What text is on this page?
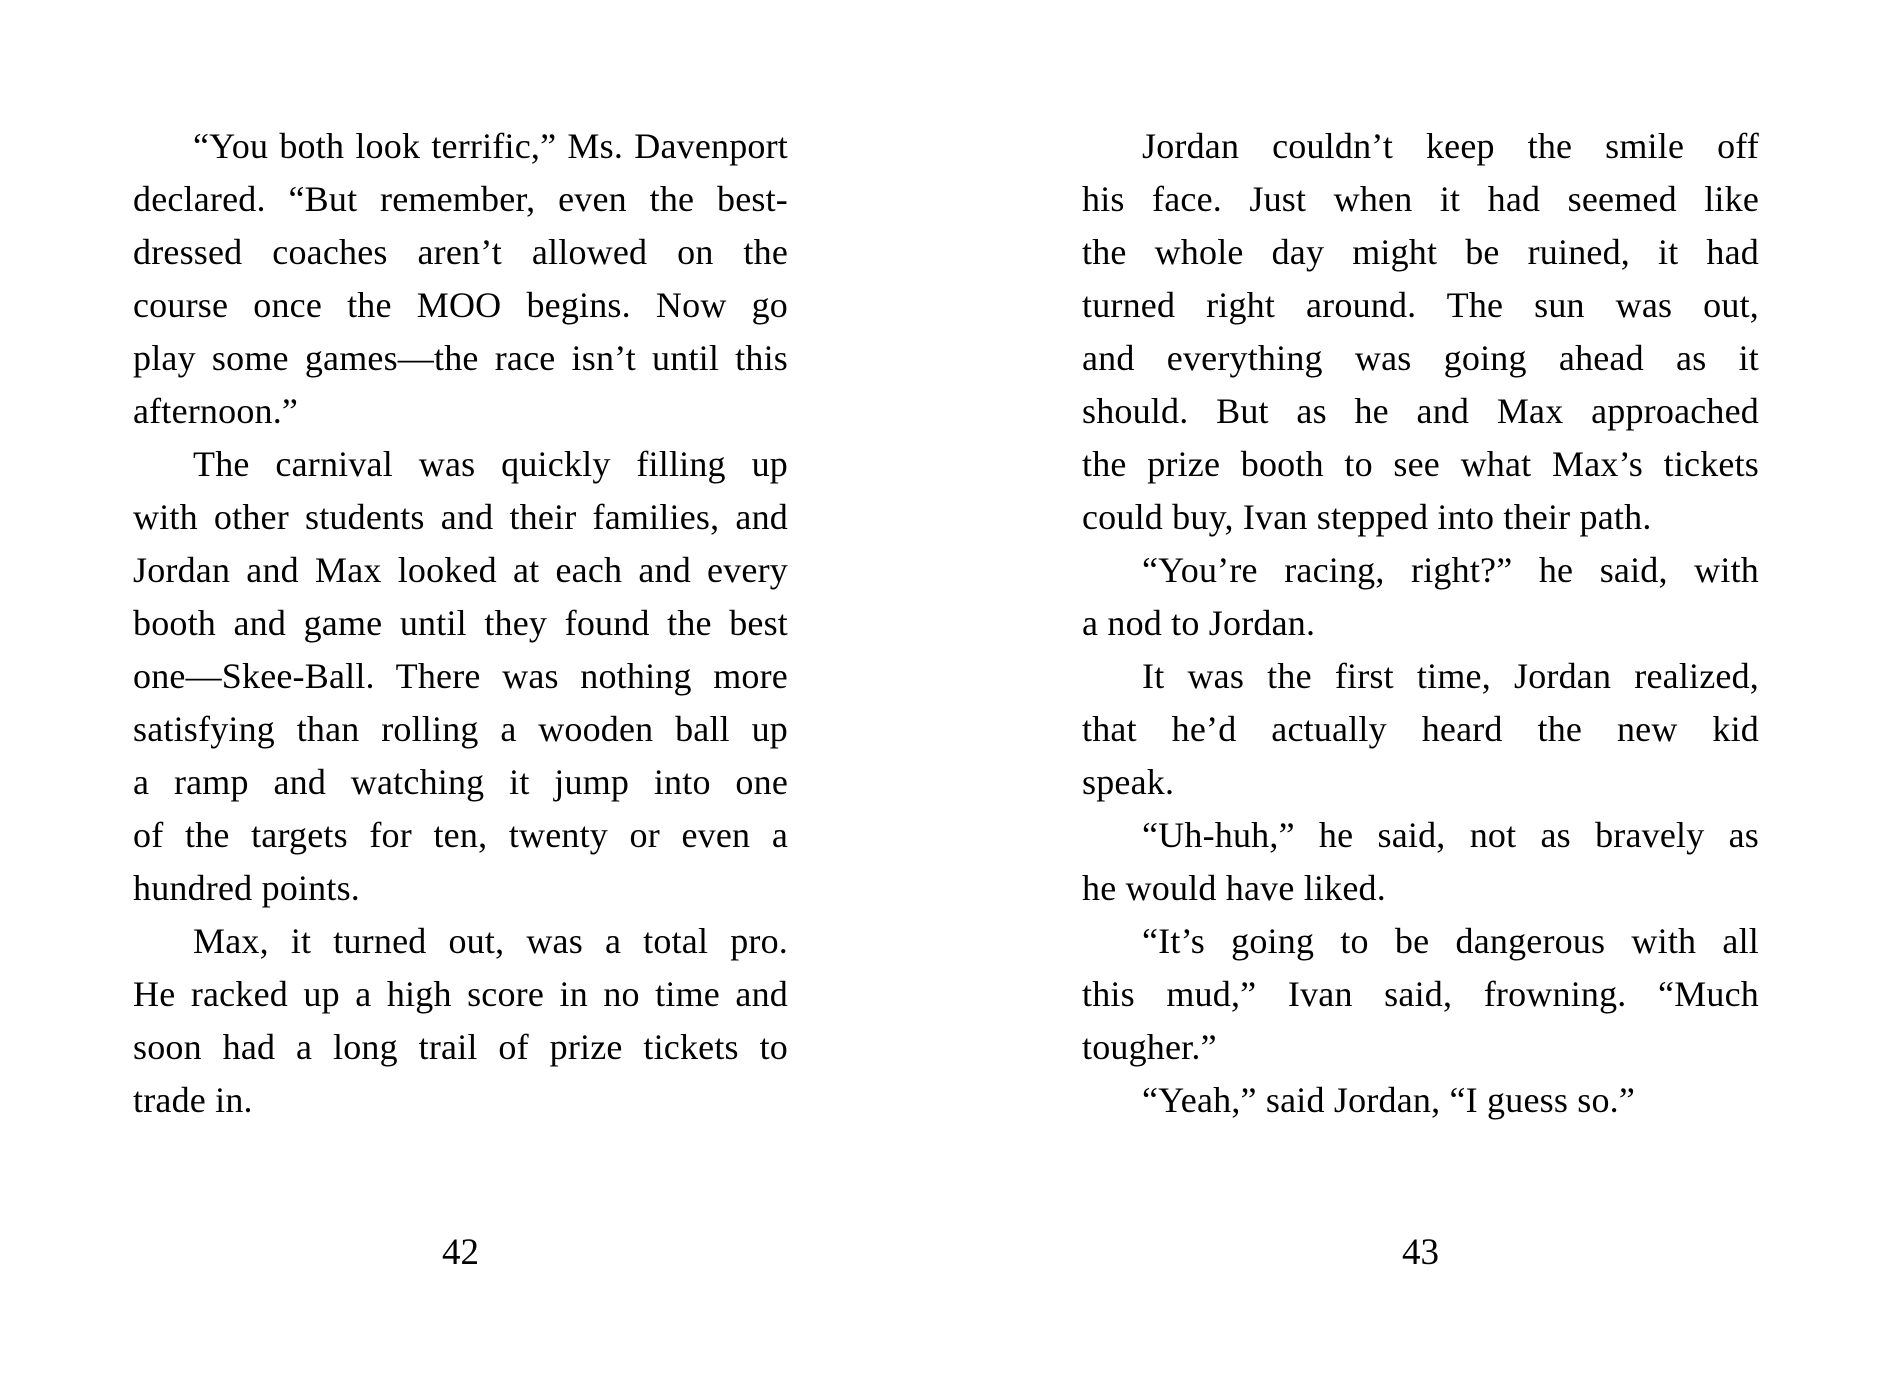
“You both look terrific,” Ms. Davenport
declared. “But remember, even the best-
dressed coaches aren’t allowed on the
course once the MOO begins. Now go
play some games—the race isn’t until this
afternoon.”
The carnival was quickly filling up
with other students and their families, and
Jordan and Max looked at each and every
booth and game until they found the best
one—Skee-Ball. There was nothing more
satisfying than rolling a wooden ball up
a ramp and watching it jump into one
of the targets for ten, twenty or even a
hundred points.
Max, it turned out, was a total pro.
He racked up a high score in no time and
soon had a long trail of prize tickets to
trade in.
Jordan couldn’t keep the smile off
his face. Just when it had seemed like
the whole day might be ruined, it had
turned right around. The sun was out,
and everything was going ahead as it
should. But as he and Max approached
the prize booth to see what Max’s tickets
could buy, Ivan stepped into their path.
“You’re racing, right?” he said, with
a nod to Jordan.
It was the first time, Jordan realized,
that he’d actually heard the new kid
speak.
“Uh-huh,” he said, not as bravely as
he would have liked.
“It’s going to be dangerous with all
this mud,” Ivan said, frowning. “Much
tougher.”
“Yeah,” said Jordan, “I guess so.”
42	43
